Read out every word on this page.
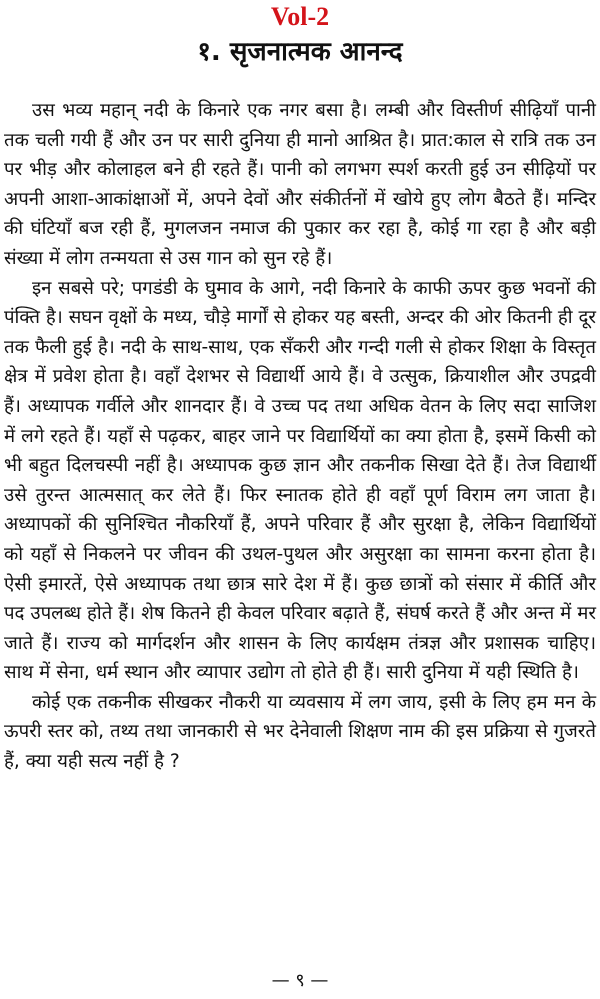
Vol-2
१. सृजनात्मक आनन्द

उस भव्य महान् नदी के किनारे एक नगर बसा है। लम्बी और विस्तीर्ण सीढ़ियाँ पानी तक चली गयी हैं और उन पर सारी दुनिया ही मानो आश्रित है। प्रात:काल से रात्रि तक उन पर भीड़ और कोलाहल बने ही रहते हैं। पानी को लगभग स्पर्श करती हुई उन सीढ़ियों पर अपनी आशा-आकांक्षाओं में, अपने देवों और संकीर्तनों में खोये हुए लोग बैठते हैं। मन्दिर की घंटियाँ बज रही हैं, मुगलजन नमाज की पुकार कर रहा है, कोई गा रहा है और बड़ी संख्या में लोग तन्मयता से उस गान को सुन रहे हैं।

इन सबसे परे; पगडंडी के घुमाव के आगे, नदी किनारे के काफी ऊपर कुछ भवनों की पंक्ति है। सघन वृक्षों के मध्य, चौड़े मार्गों से होकर यह बस्ती, अन्दर की ओर कितनी ही दूर तक फैली हुई है। नदी के साथ-साथ, एक सँकरी और गन्दी गली से होकर शिक्षा के विस्तृत क्षेत्र में प्रवेश होता है। वहाँ देशभर से विद्यार्थी आये हैं। वे उत्सुक, क्रियाशील और उपद्रवी हैं। अध्यापक गर्वीले और शानदार हैं। वे उच्च पद तथा अधिक वेतन के लिए सदा साजिश में लगे रहते हैं। यहाँ से पढ़कर, बाहर जाने पर विद्यार्थियों का क्या होता है, इसमें किसी को भी बहुत दिलचस्पी नहीं है। अध्यापक कुछ ज्ञान और तकनीक सिखा देते हैं। तेज विद्यार्थी उसे तुरन्त आत्मसात् कर लेते हैं। फिर स्नातक होते ही वहाँ पूर्ण विराम लग जाता है। अध्यापकों की सुनिश्चित नौकरियाँ हैं, अपने परिवार हैं और सुरक्षा है, लेकिन विद्यार्थियों को यहाँ से निकलने पर जीवन की उथल-पुथल और असुरक्षा का सामना करना होता है। ऐसी इमारतें, ऐसे अध्यापक तथा छात्र सारे देश में हैं। कुछ छात्रों को संसार में कीर्ति और पद उपलब्ध होते हैं। शेष कितने ही केवल परिवार बढ़ाते हैं, संघर्ष करते हैं और अन्त में मर जाते हैं। राज्य को मार्गदर्शन और शासन के लिए कार्यक्षम तंत्रज्ञ और प्रशासक चाहिए। साथ में सेना, धर्म स्थान और व्यापार उद्योग तो होते ही हैं। सारी दुनिया में यही स्थिति है।

कोई एक तकनीक सीखकर नौकरी या व्यवसाय में लग जाय, इसी के लिए हम मन के ऊपरी स्तर को, तथ्य तथा जानकारी से भर देनेवाली शिक्षण नाम की इस प्रक्रिया से गुजरते हैं, क्या यही सत्य नहीं है ?

— ९ —
